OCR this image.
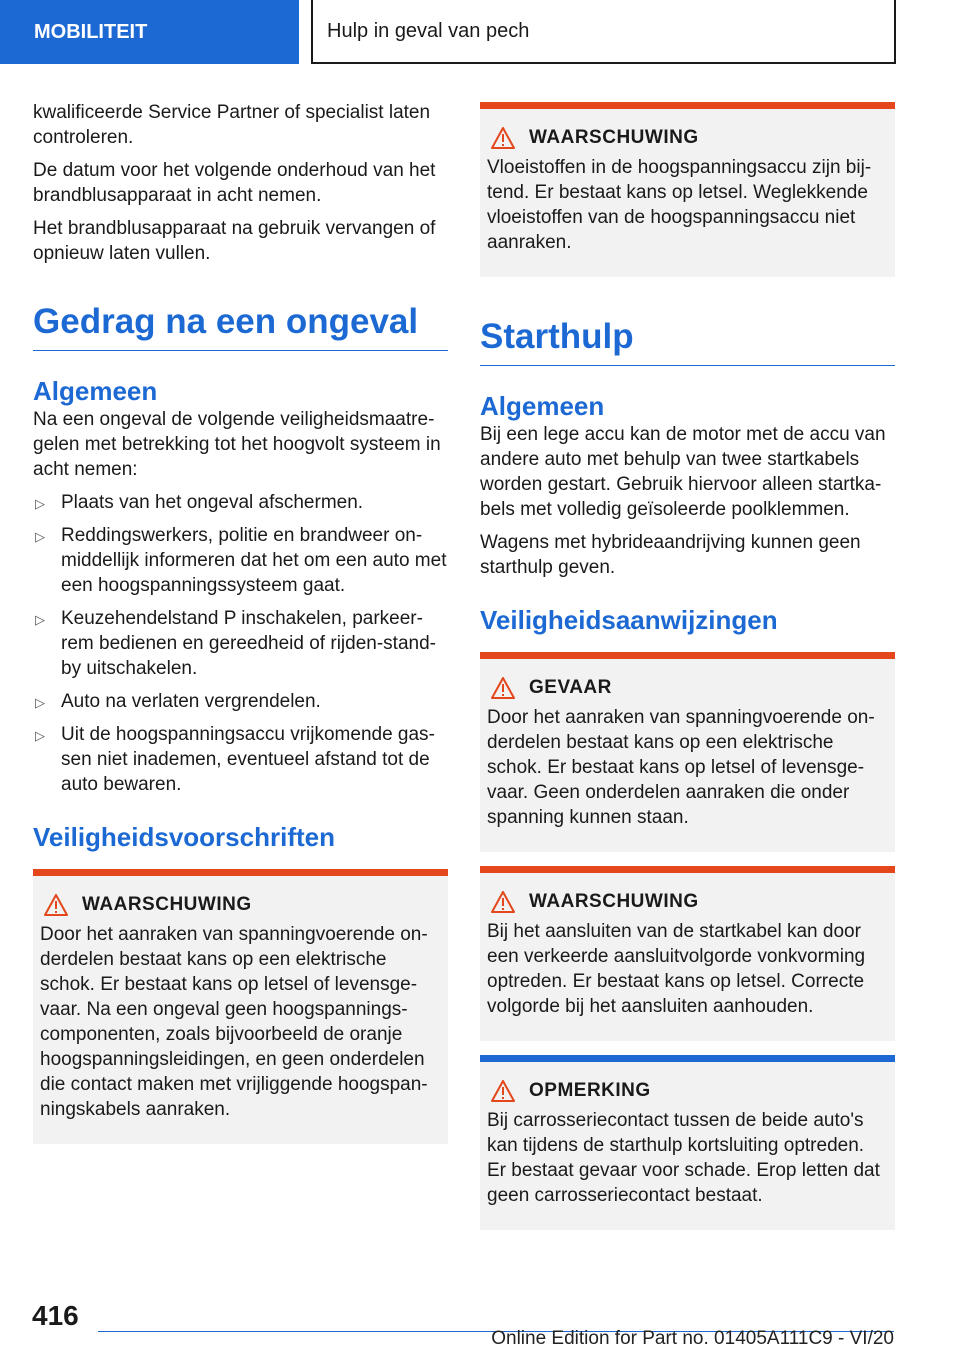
MOBILITEIT	Hulp in geval van pech

kwalificeerde Service Partner of specialist laten controleren.

De datum voor het volgende onderhoud van het brandblusapparaat in acht nemen.

Het brandblusapparaat na gebruik vervangen of opnieuw laten vullen.

Gedrag na een ongeval
Algemeen

Na een ongeval de volgende veiligheidsmaatregelen met betrekking tot het hoogvolt systeem in acht nemen:

▷ Plaats van het ongeval afschermen.
▷ Reddingswerkers, politie en brandweer onmiddellijk informeren dat het om een auto met een hoogspanningssysteem gaat.
▷ Keuzehendelstand P inschakelen, parkeerrem bedienen en gereedheid of rijden-stand-by uitschakelen.
▷ Auto na verlaten vergrendelen.
▷ Uit de hoogspanningsaccu vrijkomende gassen niet inademen, eventueel afstand tot de auto bewaren.
Veiligheidsvoorschriften
WAARSCHUWING

Door het aanraken van spanningvoerende onderdelen bestaat kans op een elektrische schok. Er bestaat kans op letsel of levensgevaar. Na een ongeval geen hoogspanningscomponenten, zoals bijvoorbeeld de oranje hoogspanningsleidingen, en geen onderdelen die contact maken met vrijliggende hoogspanningskabels aanraken.

WAARSCHUWING

Vloeistoffen in de hoogspanningsaccu zijn bijtend. Er bestaat kans op letsel. Weglekkende vloeistoffen van de hoogspanningsaccu niet aanraken.

Starthulp
Algemeen

Bij een lege accu kan de motor met de accu van andere auto met behulp van twee startkabels worden gestart. Gebruik hiervoor alleen startkabels met volledig geïsoleerde poolklemmen.

Wagens met hybrideaandrijving kunnen geen starthulp geven.

Veiligheidsaanwijzingen
GEVAAR

Door het aanraken van spanningvoerende onderdelen bestaat kans op een elektrische schok. Er bestaat kans op letsel of levensgevaar. Geen onderdelen aanraken die onder spanning kunnen staan.

WAARSCHUWING

Bij het aansluiten van de startkabel kan door een verkeerde aansluitvolgorde vonkvorming optreden. Er bestaat kans op letsel. Correcte volgorde bij het aansluiten aanhouden.

OPMERKING

Bij carrosseriecontact tussen de beide auto's kan tijdens de starthulp kortsluiting optreden. Er bestaat gevaar voor schade. Erop letten dat geen carrosseriecontact bestaat.

416
Online Edition for Part no. 01405A111C9 - VI/20
